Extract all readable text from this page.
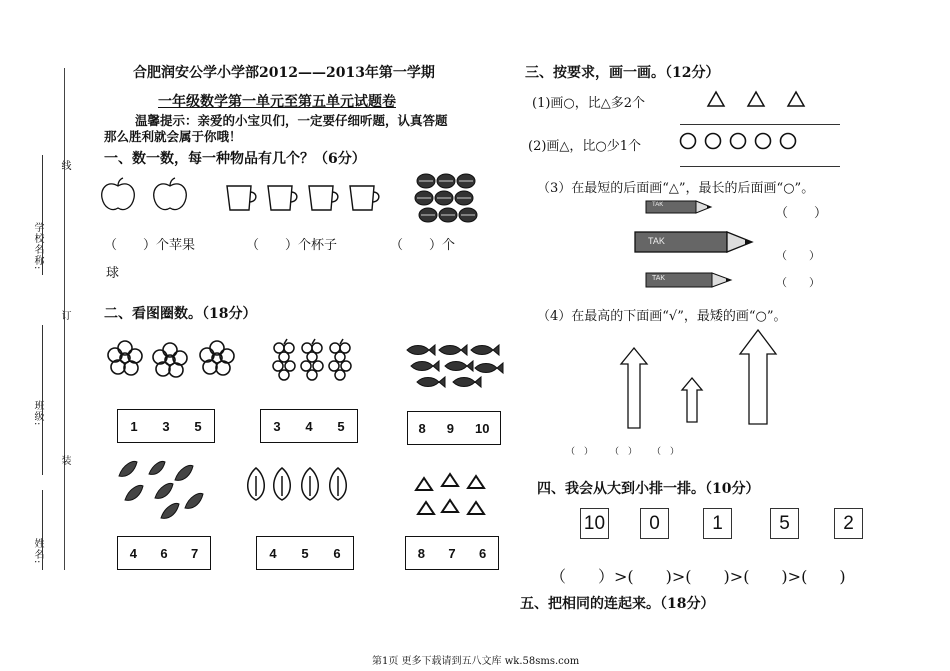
线
学校名称:
订
班级:
装
姓名:
合肥润安公学小学部2012——2013年第一学期
一年级数学第一单元至第五单元试题卷
温馨提示：亲爱的小宝贝们，一定要仔细听题，认真答题
那么胜利就会属于你哦！
一、数一数，每一种物品有几个？（6分）
（　　）个苹果	（　　）个杯子	（　　）个
球
二、看图圈数。（18分）
1 3 5	3 4 5	8 9 10
4 6 7	4 5 6	8 7 6
三、按要求，画一画。（12分）
(1)画○，比△多2个
(2)画△，比○少1个
（3）在最短的后面画“△”，最长的后面画“○”。
TAK
（　　）
TAK
（　　）
TAK	（　　）
（4）在最高的下面画“√”，最矮的画“○”。
（　） （　） （　）
四、我会从大到小排一排。（10分）
10	0	1	5	2
（　　）>(　　)>(　　)>(　　)>(　　)
五、把相同的连起来。（18分）
第1页 更多下载请到五八文库 wk.58sms.com
